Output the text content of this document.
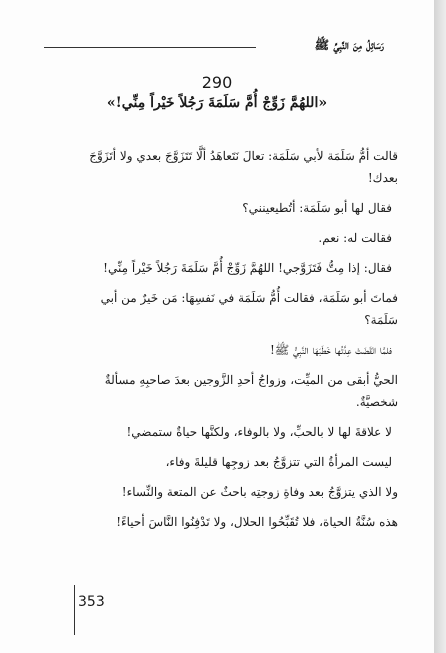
رَسَائِلُ مِنَ النَّبِيِّ ﷺ
290
«اللهُمَّ زَوِّجْ أُمَّ سَلَمَةَ رَجُلاً خَيْراً مِنِّي!»

قالت أمُّ سَلَمَة لأبي سَلَمَة: تعالَ نَتَعاهَدُ ألَّا تَتَزَوَّجَ بعدي ولا أتَزَوَّجَ بعدك!

فقال لها أبو سَلَمَة: أتُطيعينني؟

فقالت له: نعم.

فقال: إذا مِتُّ فَتَزَوَّجي! اللهُمَّ زَوِّجْ أُمَّ سَلَمَةَ رَجُلاً خَيْراً مِنِّي!

فماتَ أبو سَلَمَة، فقالت أُمُّ سَلَمَة في نَفسِهَا: مَن خَيرٌ من أبي سَلَمَة؟

فلمَّا انْقَضَتْ عِدَّتُها خَطَبَهَا النَّبِيُّ ﷺ!

الحيُّ أبقى من الميِّت، وزواجُ أحدِ الزَّوجين بعدَ صاحبِهِ مسألةٌ شخصيَّةٌ.

لا علاقةَ لها لا بالحبِّ، ولا بالوفاء، ولكنَّها حياةٌ ستمضي!

ليست المرأةُ التي تتزوَّجُ بعد زوجِها قليلةَ وفاء،

ولا الذي يتزوَّجُ بعد وفاةِ زوجتِه باحثٌ عن المتعة والنِّساء!

هذه سُنَّةُ الحياة، فلا تُقَبِّحُوا الحلال، ولا تَدْفِنُوا النَّاسَ أحياءً!

353
